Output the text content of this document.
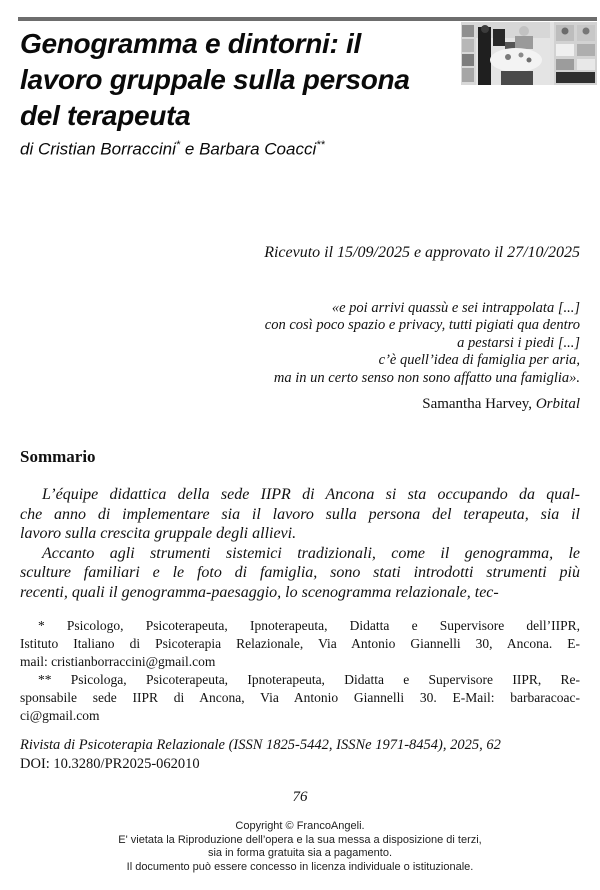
Genogramma e dintorni: il
lavoro gruppale sulla persona
del terapeuta
di Cristian Borraccini* e Barbara Coacci**
Ricevuto il 15/09/2025 e approvato il 27/10/2025
«e poi arrivi quassù e sei intrappolata [...]
con così poco spazio e privacy, tutti pigiati qua dentro
a pestarsi i piedi [...]
c’è quell’idea di famiglia per aria,
ma in un certo senso non sono affatto una famiglia».
Samantha Harvey, Orbital
Sommario
L’équipe didattica della sede IIPR di Ancona si sta occupando da qual-
che anno di implementare sia il lavoro sulla persona del terapeuta, sia il
lavoro sulla crescita gruppale degli allievi.
Accanto agli strumenti sistemici tradizionali, come il genogramma, le
sculture familiari e le foto di famiglia, sono stati introdotti strumenti più
recenti, quali il genogramma-paesaggio, lo scenogramma relazionale, tec-
* Psicologo, Psicoterapeuta, Ipnoterapeuta, Didatta e Supervisore dell’IIPR,
Istituto Italiano di Psicoterapia Relazionale, Via Antonio Giannelli 30, Ancona. E-
mail: cristianborraccini@gmail.com
** Psicologa, Psicoterapeuta, Ipnoterapeuta, Didatta e Supervisore IIPR, Re-
sponsabile sede IIPR di Ancona, Via Antonio Giannelli 30. E-Mail: barbaracoac-
ci@gmail.com
Rivista di Psicoterapia Relazionale (ISSN 1825-5442, ISSNe 1971-8454), 2025, 62
DOI: 10.3280/PR2025-062010
76
Copyright © FrancoAngeli.
E' vietata la Riproduzione dell’opera e la sua messa a disposizione di terzi,
sia in forma gratuita sia a pagamento.
Il documento può essere concesso in licenza individuale o istituzionale.
